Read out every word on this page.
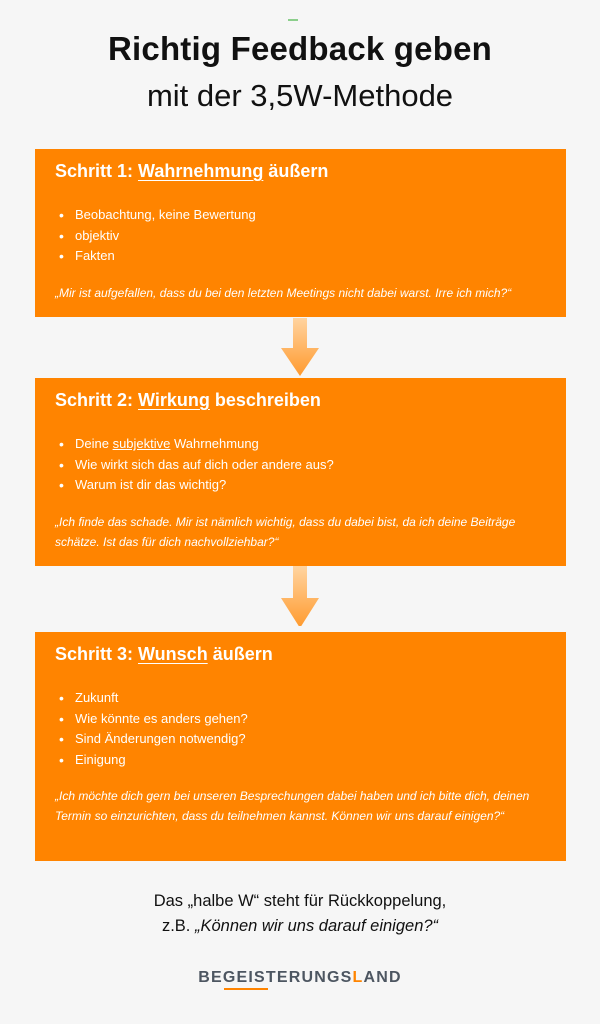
Richtig Feedback geben
mit der 3,5W-Methode
Schritt 1: Wahrnehmung äußern
• Beobachtung, keine Bewertung
• objektiv
• Fakten

„Mir ist aufgefallen, dass du bei den letzten Meetings nicht dabei warst. Irre ich mich?“

Schritt 2: Wirkung beschreiben
• Deine subjektive Wahrnehmung
• Wie wirkt sich das auf dich oder andere aus?
• Warum ist dir das wichtig?

„Ich finde das schade. Mir ist nämlich wichtig, dass du dabei bist, da ich deine Beiträge schätze. Ist das für dich nachvollziehbar?“

Schritt 3: Wunsch äußern
• Zukunft
• Wie könnte es anders gehen?
• Sind Änderungen notwendig?
• Einigung

„Ich möchte dich gern bei unseren Besprechungen dabei haben und ich bitte dich, deinen Termin so einzurichten, dass du teilnehmen kannst. Können wir uns darauf einigen?“

Das „halbe W“ steht für Rückkoppelung,
z.B. „Können wir uns darauf einigen?“
BEGEISTERUNGSLAND
